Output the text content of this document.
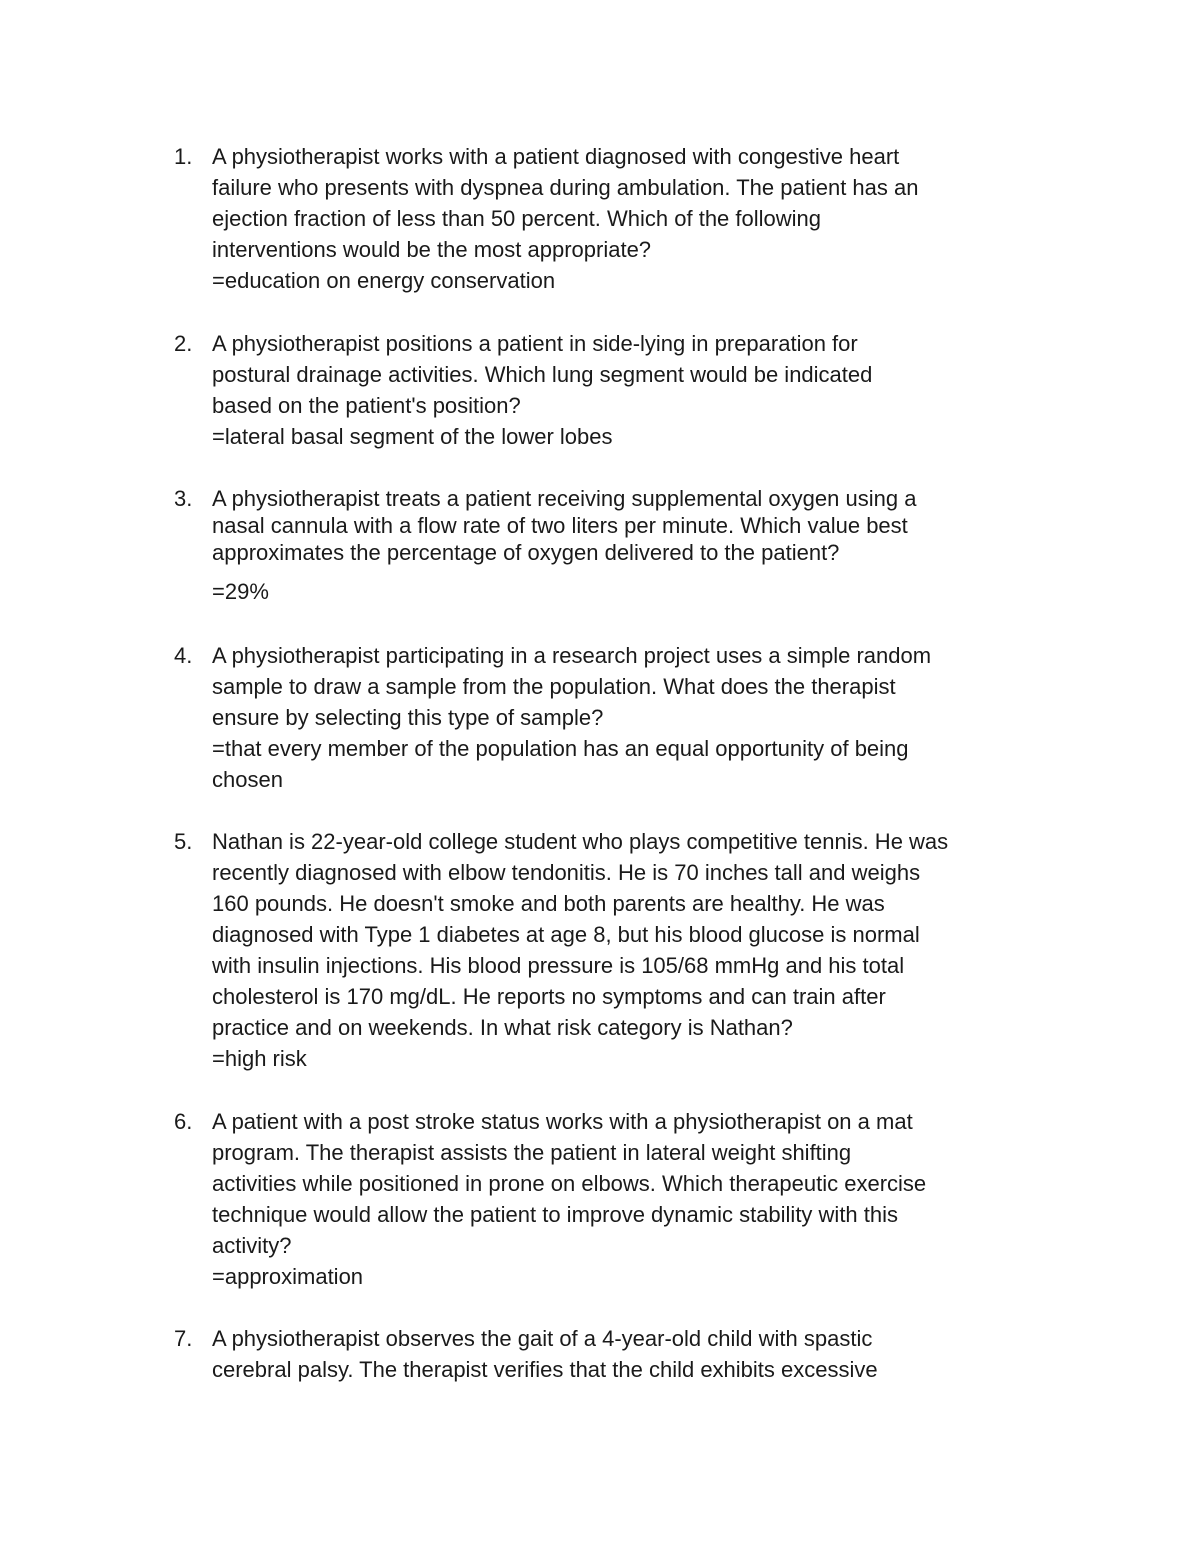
1. A physiotherapist works with a patient diagnosed with congestive heart
failure who presents with dyspnea during ambulation. The patient has an
ejection fraction of less than 50 percent. Which of the following
interventions would be the most appropriate?
=education on energy conservation
2. A physiotherapist positions a patient in side-lying in preparation for
postural drainage activities. Which lung segment would be indicated
based on the patient's position?
=lateral basal segment of the lower lobes
3. A physiotherapist treats a patient receiving supplemental oxygen using a
nasal cannula with a flow rate of two liters per minute. Which value best
approximates the percentage of oxygen delivered to the patient?
=29%
4. A physiotherapist participating in a research project uses a simple random
sample to draw a sample from the population. What does the therapist
ensure by selecting this type of sample?
=that every member of the population has an equal opportunity of being
chosen
5. Nathan is 22-year-old college student who plays competitive tennis. He was
recently diagnosed with elbow tendonitis. He is 70 inches tall and weighs
160 pounds. He doesn't smoke and both parents are healthy. He was
diagnosed with Type 1 diabetes at age 8, but his blood glucose is normal
with insulin injections. His blood pressure is 105/68 mmHg and his total
cholesterol is 170 mg/dL. He reports no symptoms and can train after
practice and on weekends. In what risk category is Nathan?
=high risk
6. A patient with a post stroke status works with a physiotherapist on a mat
program. The therapist assists the patient in lateral weight shifting
activities while positioned in prone on elbows. Which therapeutic exercise
technique would allow the patient to improve dynamic stability with this
activity?
=approximation
7. A physiotherapist observes the gait of a 4-year-old child with spastic
cerebral palsy. The therapist verifies that the child exhibits excessive
